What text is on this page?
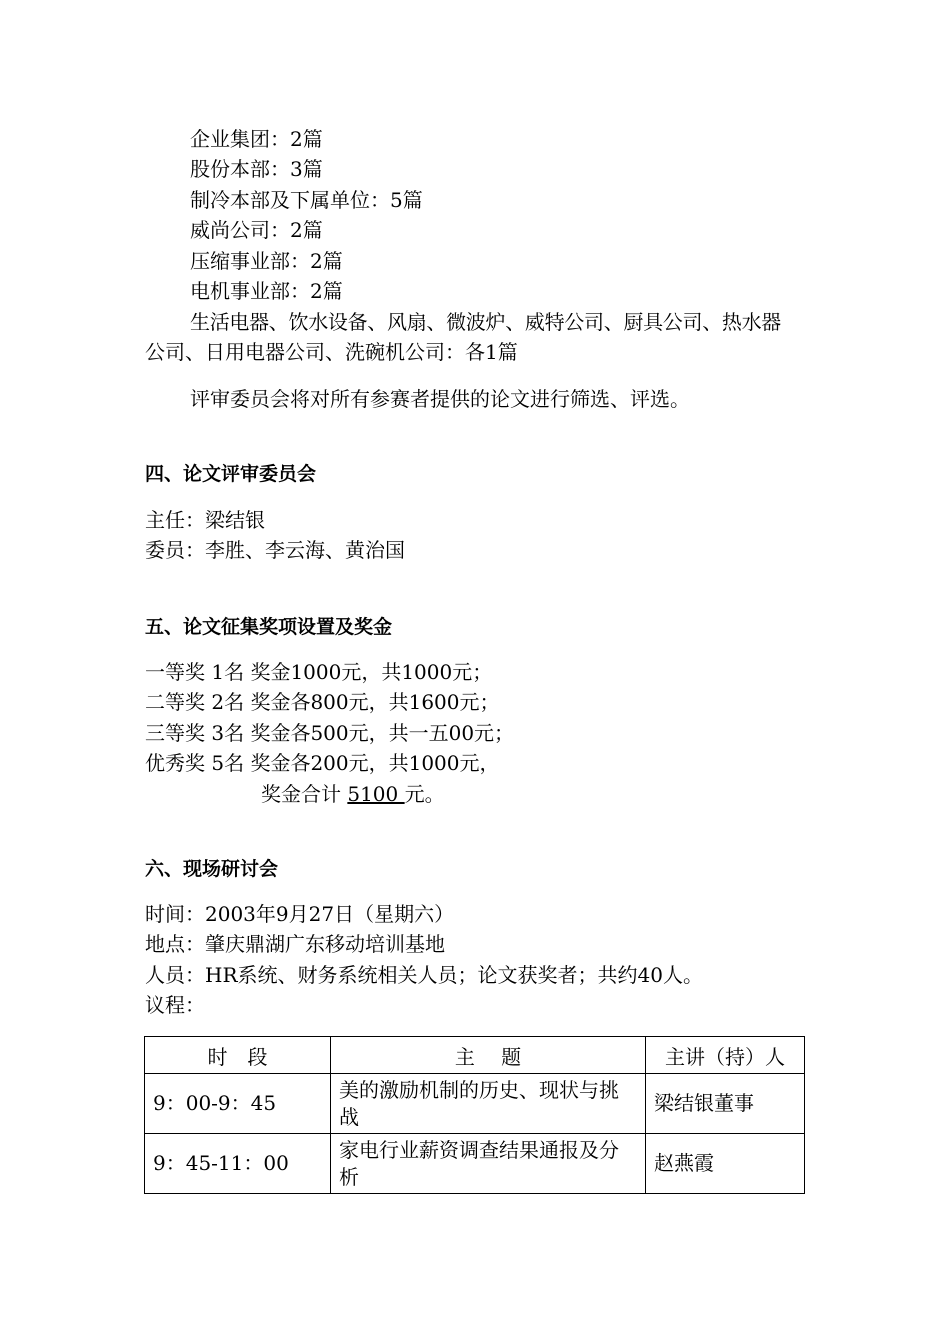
企业集团：2篇
股份本部：3篇
制冷本部及下属单位：5篇
威尚公司：2篇
压缩事业部：2篇
电机事业部：2篇
生活电器、饮水设备、风扇、微波炉、威特公司、厨具公司、热水器
公司、日用电器公司、洗碗机公司：各1篇
评审委员会将对所有参赛者提供的论文进行筛选、评选。
四、论文评审委员会
主任：梁结银
委员：李胜、李云海、黄治国
五、论文征集奖项设置及奖金
一等奖 1名 奖金1000元，共1000元；
二等奖 2名 奖金各800元，共1600元；
三等奖 3名 奖金各500元，共一五00元；
优秀奖 5名 奖金各200元，共1000元，
奖金合计 5100 元。
六、现场研讨会
时间：2003年9月27日（星期六）
地点：肇庆鼎湖广东移动培训基地
人员：HR系统、财务系统相关人员；论文获奖者；共约40人。
议程：
时　段	主　 题	主讲（持）人
9：00-9：45	美的激励机制的历史、现状与挑战	梁结银董事
9：45-11：00	家电行业薪资调查结果通报及分析	赵燕霞
